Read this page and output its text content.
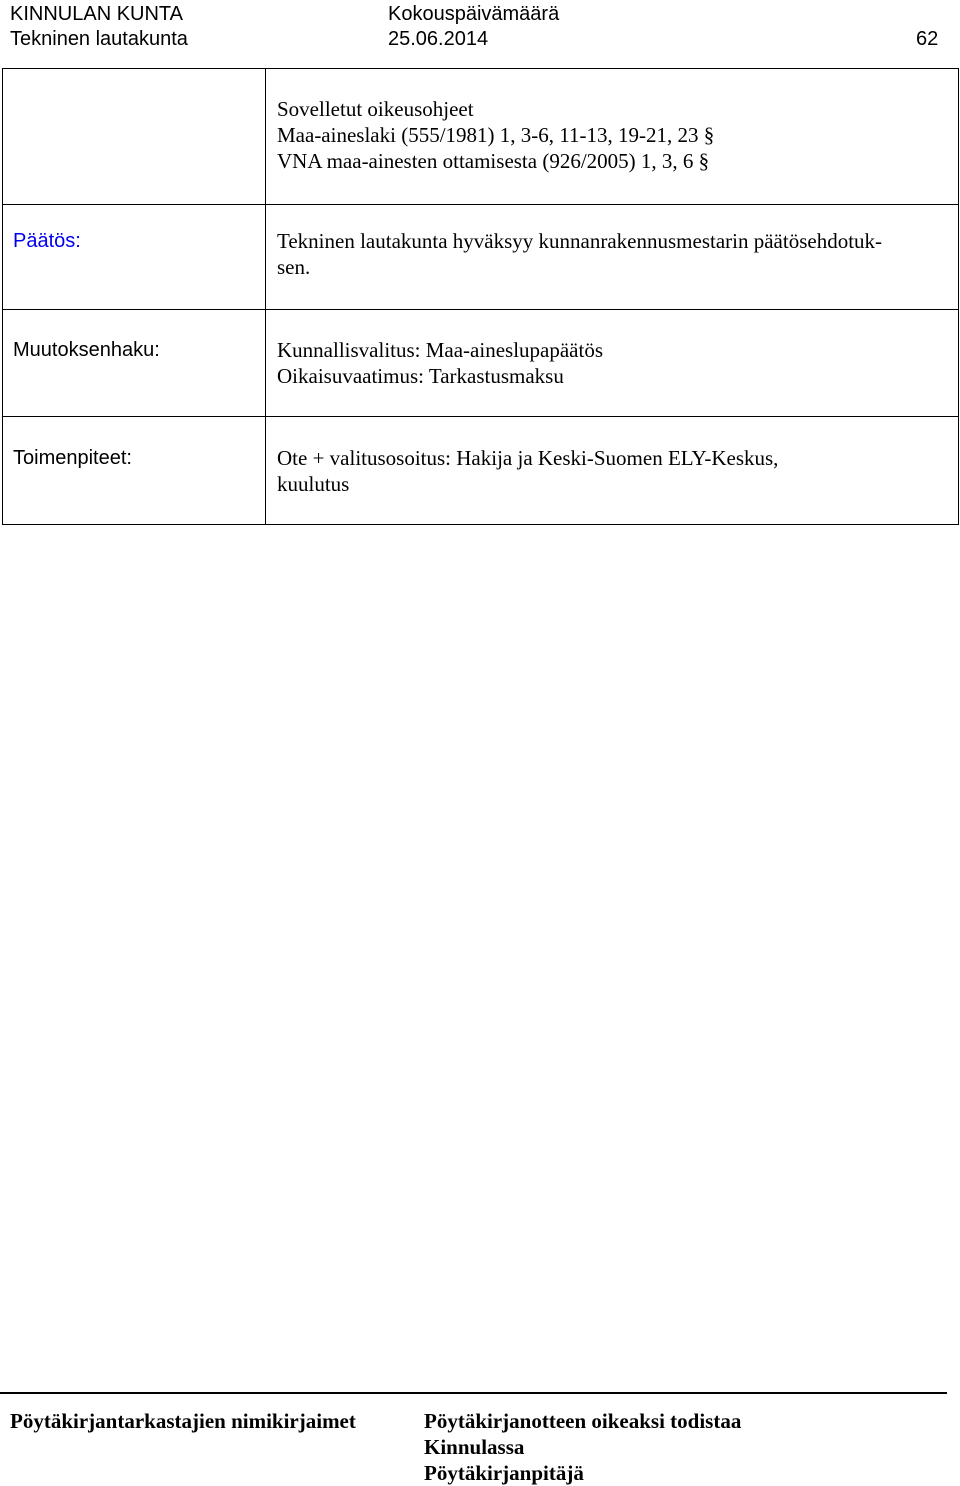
KINNULAN KUNTA	Kokouspäivämäärä
Tekninen lautakunta	25.06.2014	62
Sovelletut oikeusohjeet
Maa-aineslaki (555/1981) 1, 3-6, 11-13, 19-21, 23 §
VNA maa-ainesten ottamisesta (926/2005) 1, 3, 6 §
Päätös:	Tekninen lautakunta hyväksyy kunnanrakennusmestarin päätösehdotuk-
sen.
Muutoksenhaku:	Kunnallisvalitus: Maa-aineslupapäätös
Oikaisuvaatimus: Tarkastusmaksu
Toimenpiteet:	Ote + valitusosoitus: Hakija ja Keski-Suomen ELY-Keskus,
kuulutus
Pöytäkirjantarkastajien nimikirjaimet	Pöytäkirjanotteen oikeaksi todistaa
Kinnulassa
Pöytäkirjanpitäjä
